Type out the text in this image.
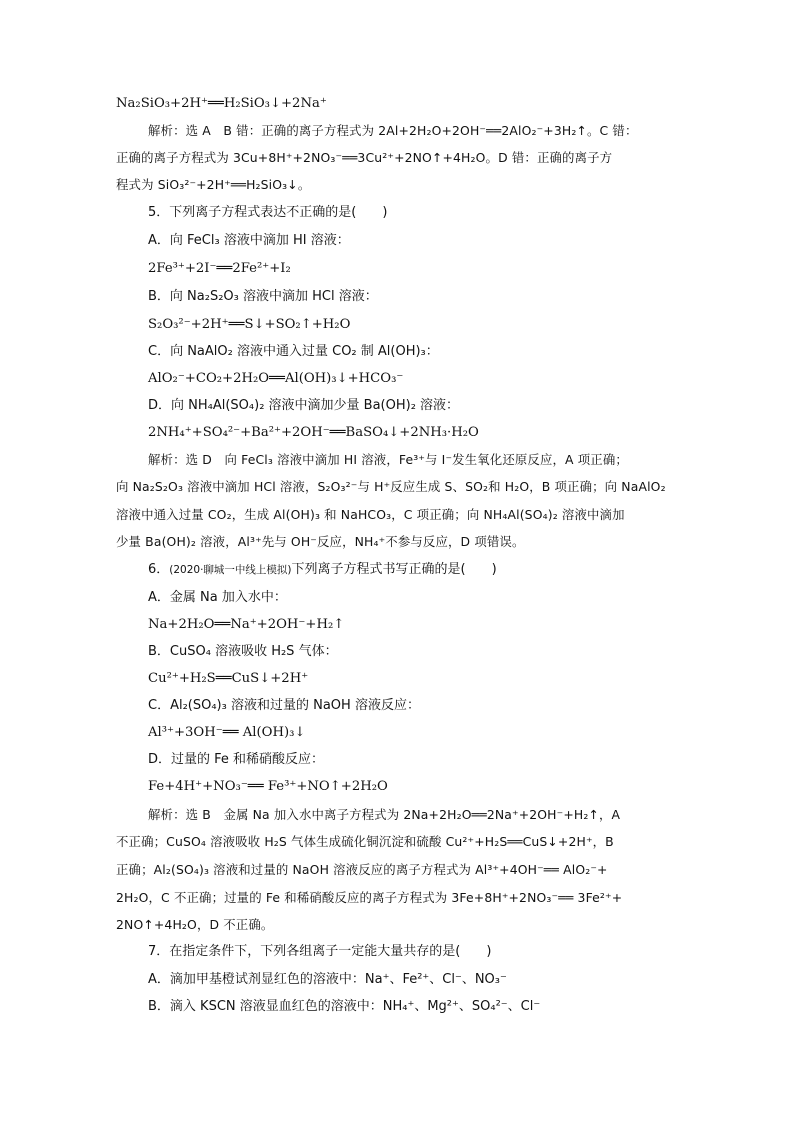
Na₂SiO₃+2H⁺══H₂SiO₃↓+2Na⁺
解析：选 A　B 错：正确的离子方程式为 2Al+2H₂O+2OH⁻══2AlO₂⁻+3H₂↑。C 错：
正确的离子方程式为 3Cu+8H⁺+2NO₃⁻══3Cu²⁺+2NO↑+4H₂O。D 错：正确的离子方
程式为 SiO₃²⁻+2H⁺══H₂SiO₃↓。
5．下列离子方程式表达不正确的是(　　)
A．向 FeCl₃ 溶液中滴加 HI 溶液：
2Fe³⁺+2I⁻══2Fe²⁺+I₂
B．向 Na₂S₂O₃ 溶液中滴加 HCl 溶液：
S₂O₃²⁻+2H⁺══S↓+SO₂↑+H₂O
C．向 NaAlO₂ 溶液中通入过量 CO₂ 制 Al(OH)₃：
AlO₂⁻+CO₂+2H₂O══Al(OH)₃↓+HCO₃⁻
D．向 NH₄Al(SO₄)₂ 溶液中滴加少量 Ba(OH)₂ 溶液：
2NH₄⁺+SO₄²⁻+Ba²⁺+2OH⁻══BaSO₄↓+2NH₃·H₂O
解析：选 D　向 FeCl₃ 溶液中滴加 HI 溶液，Fe³⁺与 I⁻发生氧化还原反应，A 项正确；
向 Na₂S₂O₃ 溶液中滴加 HCl 溶液，S₂O₃²⁻与 H⁺反应生成 S、SO₂和 H₂O，B 项正确；向 NaAlO₂
溶液中通入过量 CO₂，生成 Al(OH)₃ 和 NaHCO₃，C 项正确；向 NH₄Al(SO₄)₂ 溶液中滴加
少量 Ba(OH)₂ 溶液，Al³⁺先与 OH⁻反应，NH₄⁺不参与反应，D 项错误。
6．(2020·聊城一中线上模拟)下列离子方程式书写正确的是(　　)
A．金属 Na 加入水中：
Na+2H₂O══Na⁺+2OH⁻+H₂↑
B．CuSO₄ 溶液吸收 H₂S 气体：
Cu²⁺+H₂S══CuS↓+2H⁺
C．Al₂(SO₄)₃ 溶液和过量的 NaOH 溶液反应：
Al³⁺+3OH⁻══ Al(OH)₃↓
D．过量的 Fe 和稀硝酸反应：
Fe+4H⁺+NO₃⁻══ Fe³⁺+NO↑+2H₂O
解析：选 B　金属 Na 加入水中离子方程式为 2Na+2H₂O══2Na⁺+2OH⁻+H₂↑，A
不正确；CuSO₄ 溶液吸收 H₂S 气体生成硫化铜沉淀和硫酸 Cu²⁺+H₂S══CuS↓+2H⁺，B
正确；Al₂(SO₄)₃ 溶液和过量的 NaOH 溶液反应的离子方程式为 Al³⁺+4OH⁻══ AlO₂⁻+
2H₂O，C 不正确；过量的 Fe 和稀硝酸反应的离子方程式为 3Fe+8H⁺+2NO₃⁻══ 3Fe²⁺+
2NO↑+4H₂O，D 不正确。
7．在指定条件下，下列各组离子一定能大量共存的是(　　)
A．滴加甲基橙试剂显红色的溶液中：Na⁺、Fe²⁺、Cl⁻、NO₃⁻
B．滴入 KSCN 溶液显血红色的溶液中：NH₄⁺、Mg²⁺、SO₄²⁻、Cl⁻
